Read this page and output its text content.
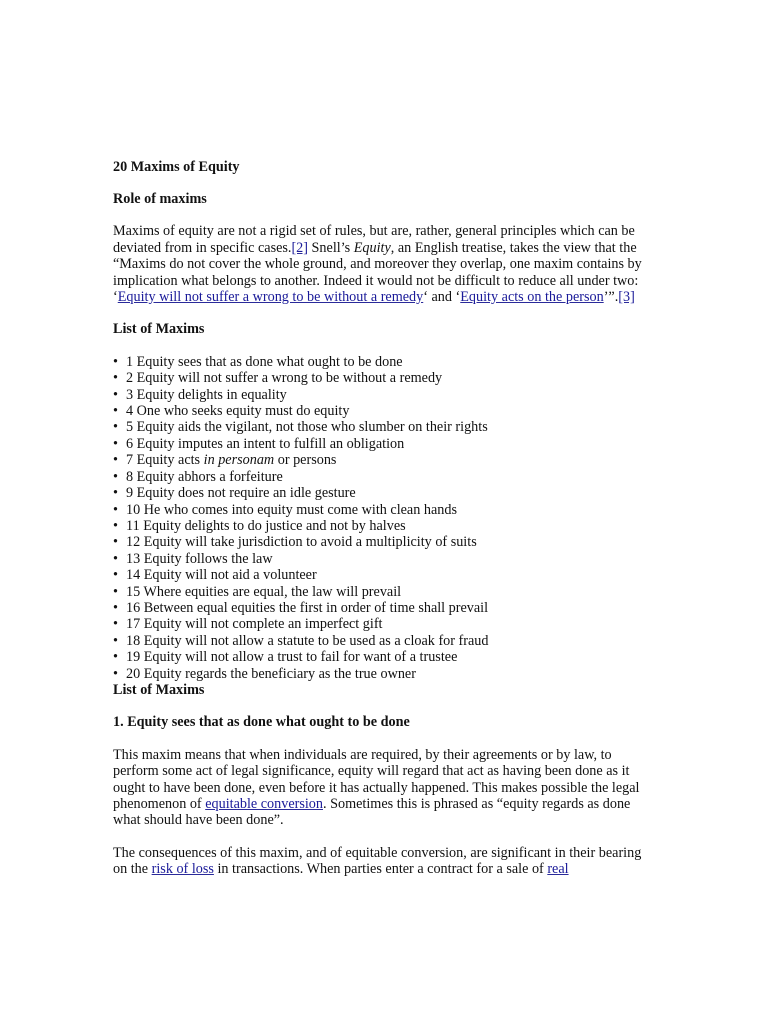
20 Maxims of Equity
Role of maxims

Maxims of equity are not a rigid set of rules, but are, rather, general principles which can be deviated from in specific cases.[2] Snell’s Equity, an English treatise, takes the view that the “Maxims do not cover the whole ground, and moreover they overlap, one maxim contains by implication what belongs to another. Indeed it would not be difficult to reduce all under two: ‘Equity will not suffer a wrong to be without a remedy‘ and ‘Equity acts on the person’”.[3]

List of Maxims
• 1 Equity sees that as done what ought to be done
• 2 Equity will not suffer a wrong to be without a remedy
• 3 Equity delights in equality
• 4 One who seeks equity must do equity
• 5 Equity aids the vigilant, not those who slumber on their rights
• 6 Equity imputes an intent to fulfill an obligation
• 7 Equity acts in personam or persons
• 8 Equity abhors a forfeiture
• 9 Equity does not require an idle gesture
• 10 He who comes into equity must come with clean hands
• 11 Equity delights to do justice and not by halves
• 12 Equity will take jurisdiction to avoid a multiplicity of suits
• 13 Equity follows the law
• 14 Equity will not aid a volunteer
• 15 Where equities are equal, the law will prevail
• 16 Between equal equities the first in order of time shall prevail
• 17 Equity will not complete an imperfect gift
• 18 Equity will not allow a statute to be used as a cloak for fraud
• 19 Equity will not allow a trust to fail for want of a trustee
• 20 Equity regards the beneficiary as the true owner
List of Maxims
1. Equity sees that as done what ought to be done

This maxim means that when individuals are required, by their agreements or by law, to perform some act of legal significance, equity will regard that act as having been done as it ought to have been done, even before it has actually happened. This makes possible the legal phenomenon of equitable conversion. Sometimes this is phrased as “equity regards as done what should have been done”.

The consequences of this maxim, and of equitable conversion, are significant in their bearing on the risk of loss in transactions. When parties enter a contract for a sale of real
